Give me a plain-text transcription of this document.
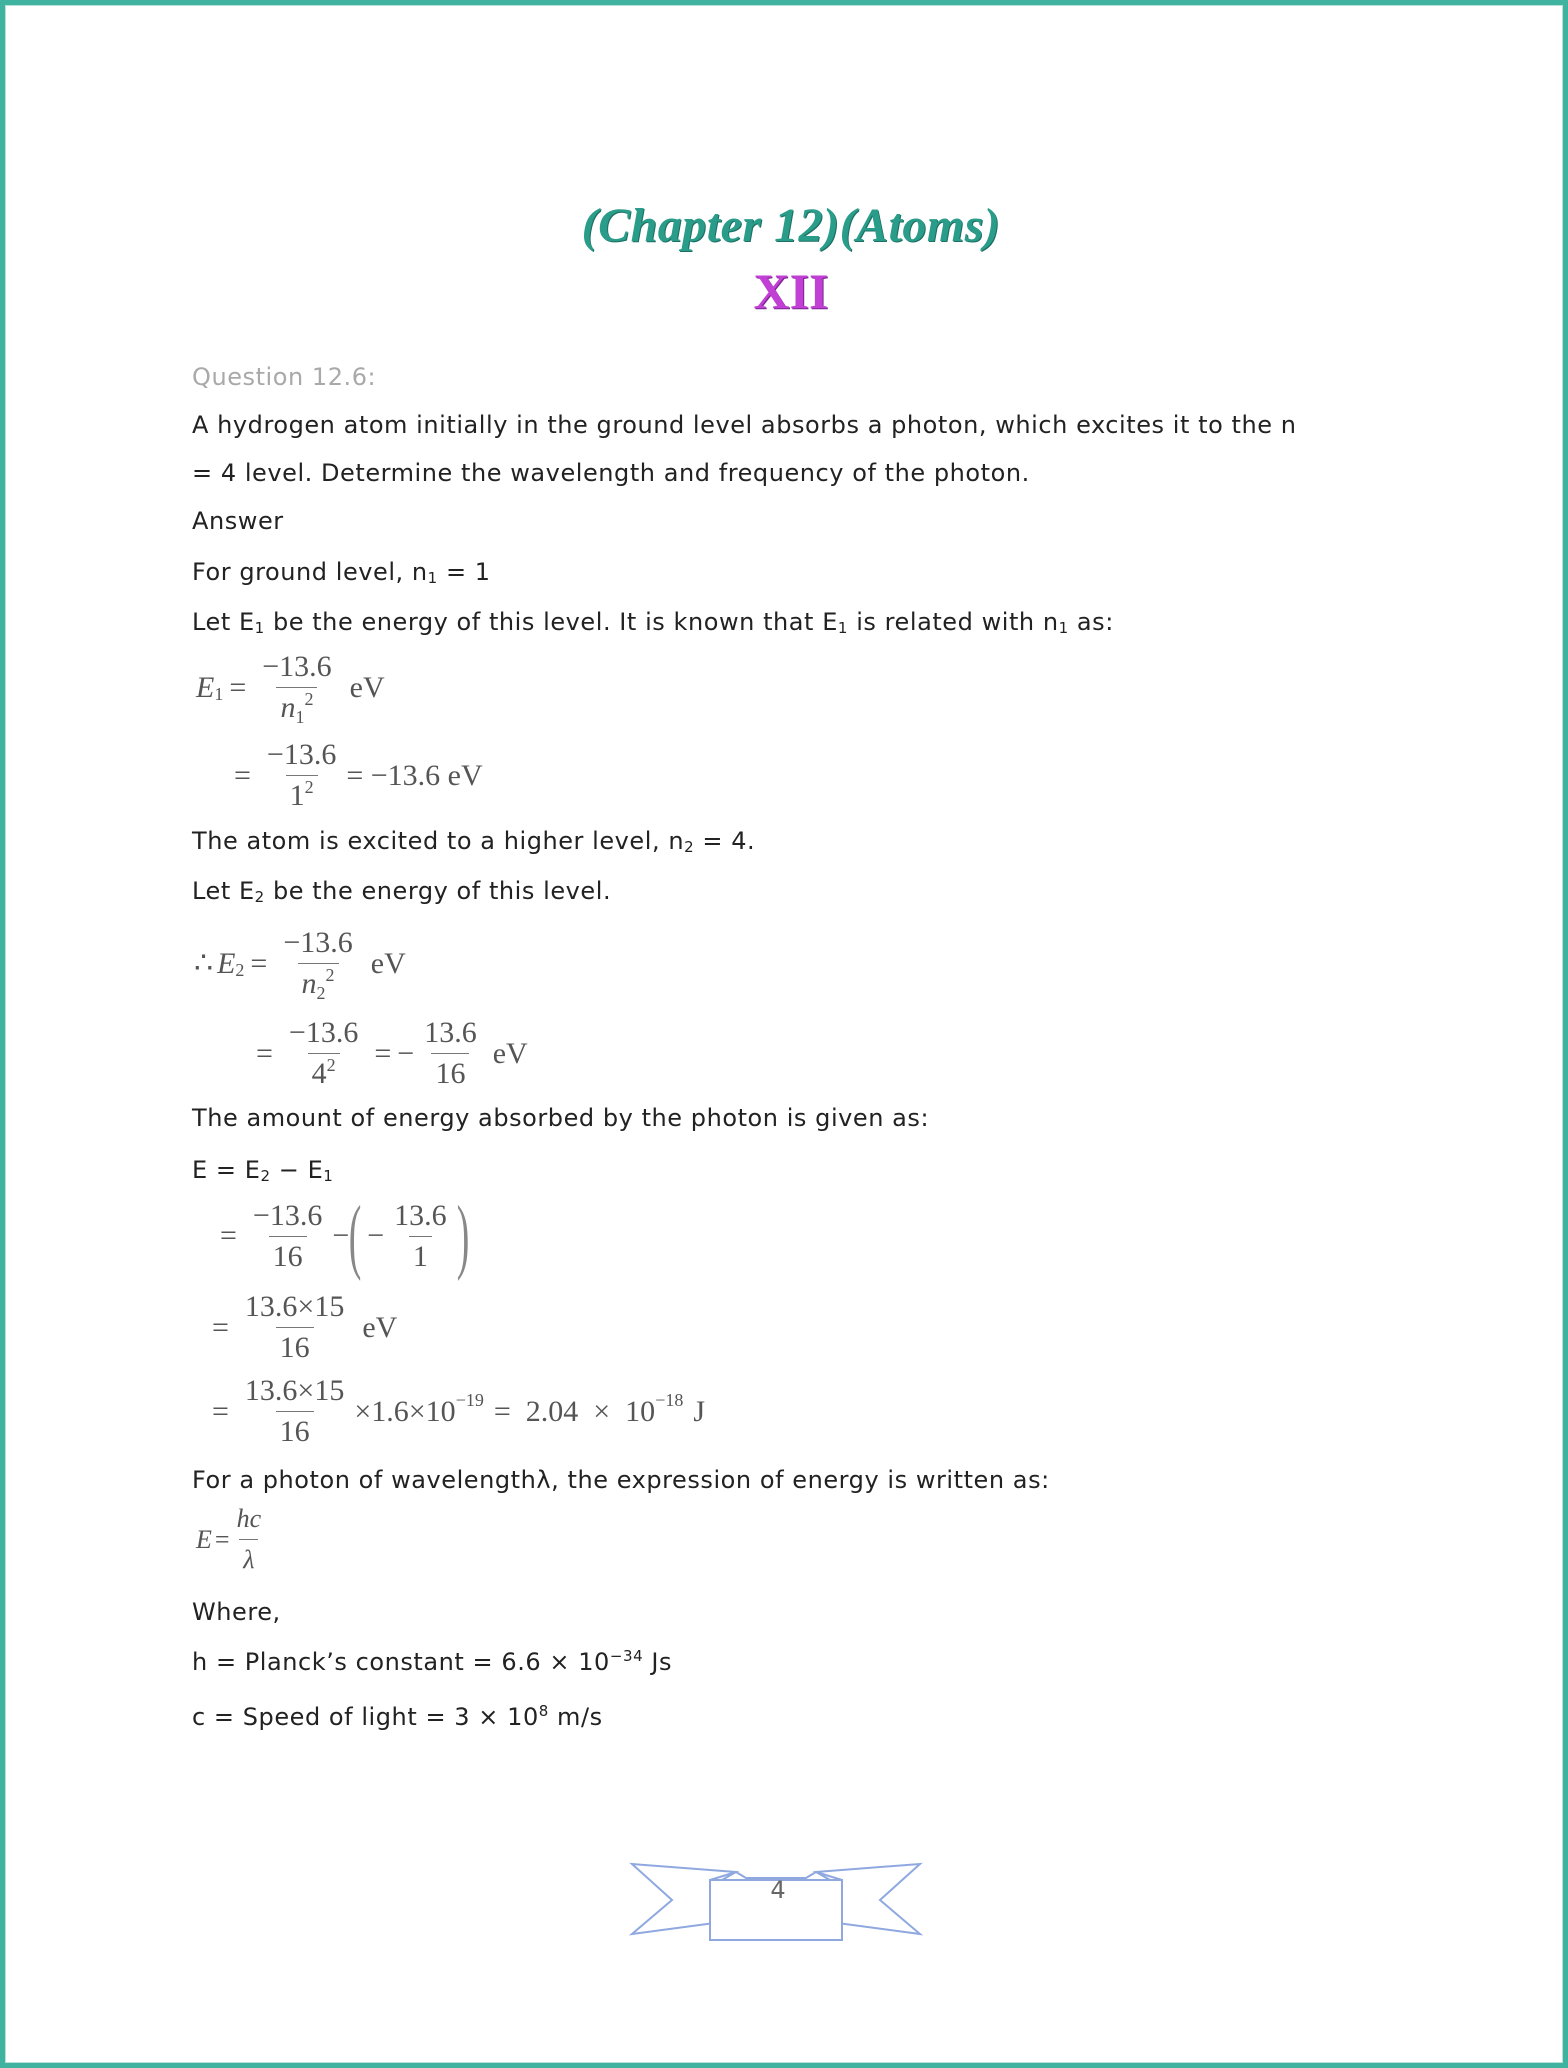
(Chapter 12)(Atoms)
XII
Question 12.6:
A hydrogen atom initially in the ground level absorbs a photon, which excites it to the n
= 4 level. Determine the wavelength and frequency of the photon.
Answer
For ground level, $n_1 = 1$
Let $E_1$ be the energy of this level. It is known that $E_1$ is related with $n_1$ as:
$E_1 = \frac{-13.6}{n_1^2}$ eV
= $\frac{-13.6}{1^2} = -13.6$ eV
The atom is excited to a higher level, $n_2 = 4$.
Let $E_2$ be the energy of this level.
∴ $E_2 = \frac{-13.6}{n_2^2}$ eV
= $\frac{-13.6}{4^2}$ = − $\frac{13.6}{16}$ eV
The amount of energy absorbed by the photon is given as:
$E = E_2 - E_1$
= $\frac{-13.6}{16}$ − ( − $\frac{13.6}{1}$ )
= $\frac{13.6\times 15}{16}$ eV
= $\frac{13.6\times 15}{16} \times 1.6\times 10^{-19} = 2.04 \times 10^{-18}$ J
For a photon of wavelengthλ, the expression of energy is written as:
$E = \frac{hc}{\lambda}$
Where,
h = Planck’s constant = $6.6 \times 10^{-34}$ Js
c = Speed of light = $3 \times 10^8$ m/s
4
